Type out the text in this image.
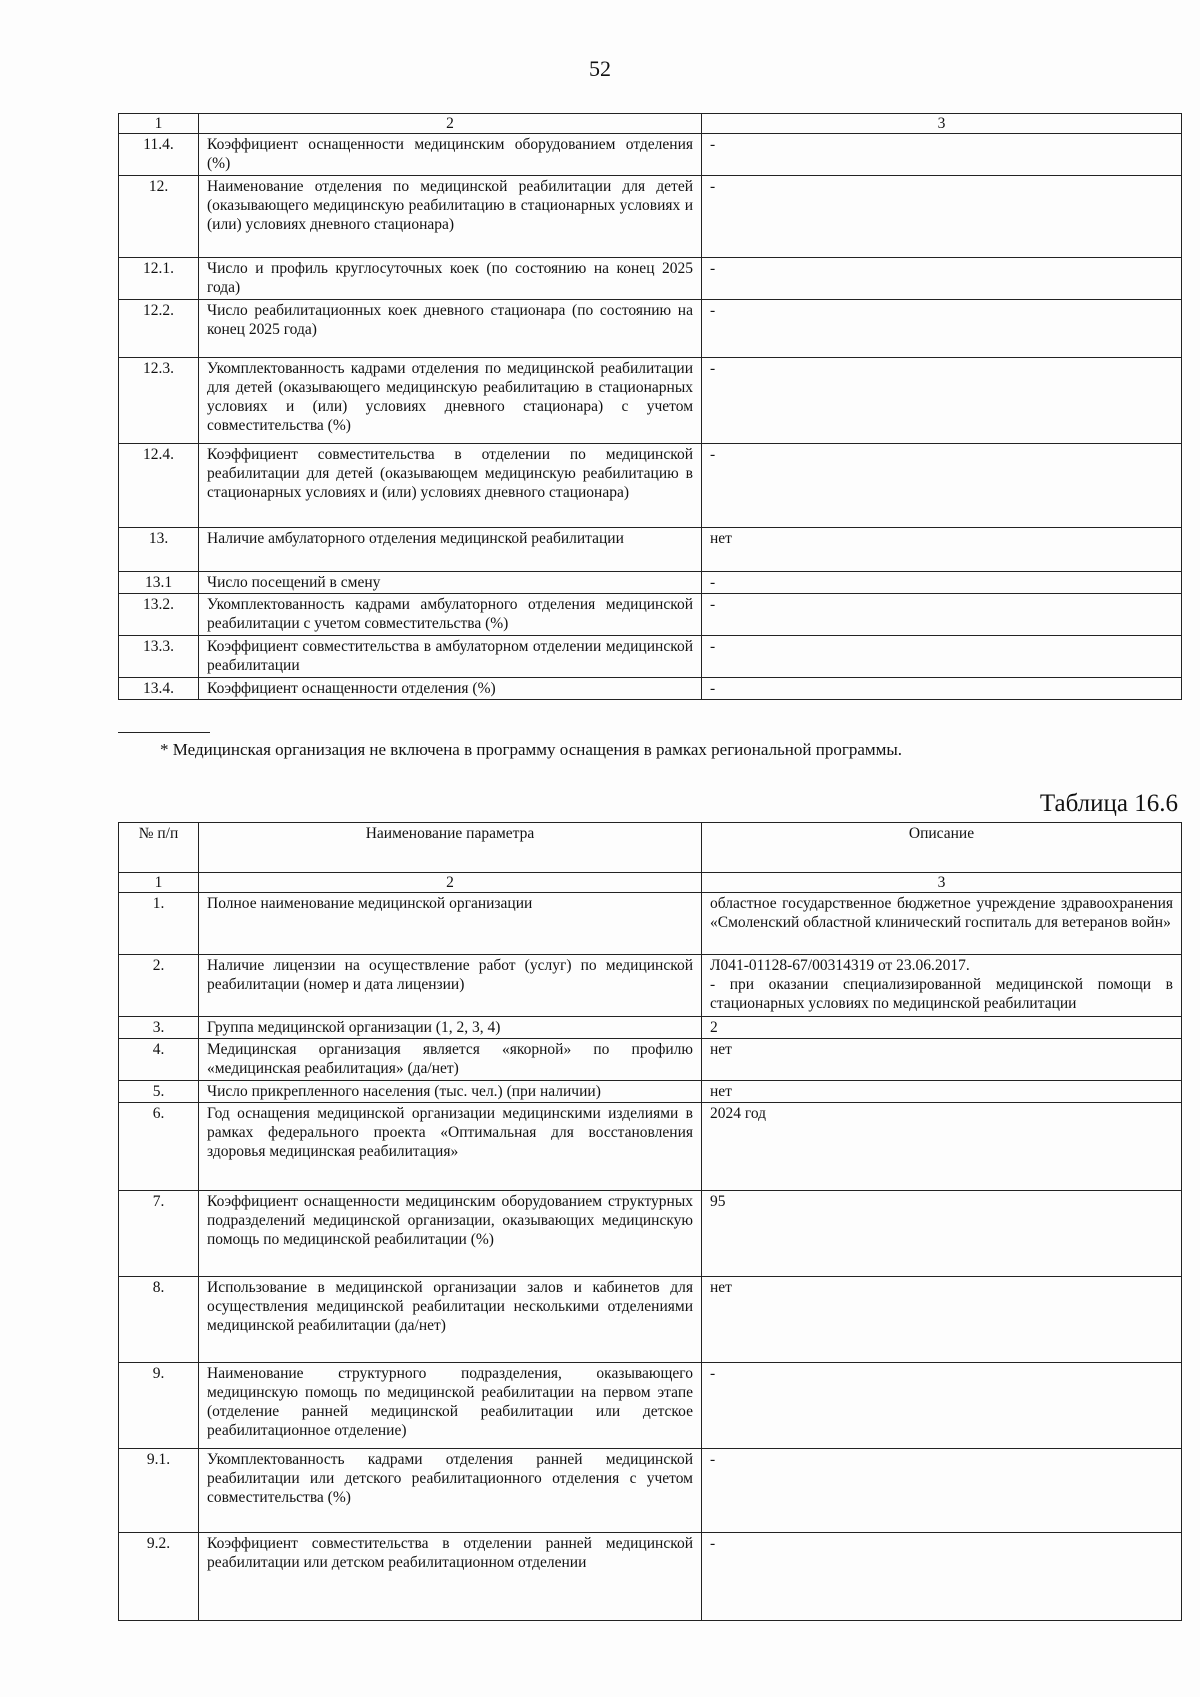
52
1	2	3
11.4.	Коэффициент оснащенности медицинским оборудованием отделения (%)	-
12.	Наименование отделения по медицинской реабилитации для детей (оказывающего медицинскую реабилитацию в стационарных условиях и (или) условиях дневного стационара)	-
12.1.	Число и профиль круглосуточных коек (по состоянию на конец 2025 года)	-
12.2.	Число реабилитационных коек дневного стационара (по состоянию на конец 2025 года)	-
12.3.	Укомплектованность кадрами отделения по медицинской реабилитации для детей (оказывающего медицинскую реабилитацию в стационарных условиях и (или) условиях дневного стационара) с учетом совместительства (%)	-
12.4.	Коэффициент совместительства в отделении по медицинской реабилитации для детей (оказывающем медицинскую реабилитацию в стационарных условиях и (или) условиях дневного стационара)	-
13.	Наличие амбулаторного отделения медицинской реабилитации	нет
13.1	Число посещений в смену	-
13.2.	Укомплектованность кадрами амбулаторного отделения медицинской реабилитации с учетом совместительства (%)	-
13.3.	Коэффициент совместительства в амбулаторном отделении медицинской реабилитации	-
13.4.	Коэффициент оснащенности отделения (%)	-
* Медицинская организация не включена в программу оснащения в рамках региональной программы.
Таблица 16.6
№ п/п	Наименование параметра	Описание
1	2	3
1.	Полное наименование медицинской организации	областное государственное бюджетное учреждение здравоохранения «Смоленский областной клинический госпиталь для ветеранов войн»
2.	Наличие лицензии на осуществление работ (услуг) по медицинской реабилитации (номер и дата лицензии)	Л041-01128-67/00314319 от 23.06.2017.
- при оказании специализированной медицинской помощи в стационарных условиях по медицинской реабилитации

3.	Группа медицинской организации (1, 2, 3, 4)	2
4.	Медицинская организация является «якорной» по профилю «медицинская реабилитация» (да/нет)	нет
5.	Число прикрепленного населения (тыс. чел.) (при наличии)	нет
6.	Год оснащения медицинской организации медицинскими изделиями в рамках федерального проекта «Оптимальная для восстановления здоровья медицинская реабилитация»	2024 год
7.	Коэффициент оснащенности медицинским оборудованием структурных подразделений медицинской организации, оказывающих медицинскую помощь по медицинской реабилитации (%)	95
8.	Использование в медицинской организации залов и кабинетов для осуществления медицинской реабилитации несколькими отделениями медицинской реабилитации (да/нет)	нет
9.	Наименование структурного подразделения, оказывающего медицинскую помощь по медицинской реабилитации на первом этапе (отделение ранней медицинской реабилитации или детское реабилитационное отделение)	-
9.1.	Укомплектованность кадрами отделения ранней медицинской реабилитации или детского реабилитационного отделения с учетом совместительства (%)	-
9.2.	Коэффициент совместительства в отделении ранней медицинской реабилитации или детском реабилитационном отделении	-
